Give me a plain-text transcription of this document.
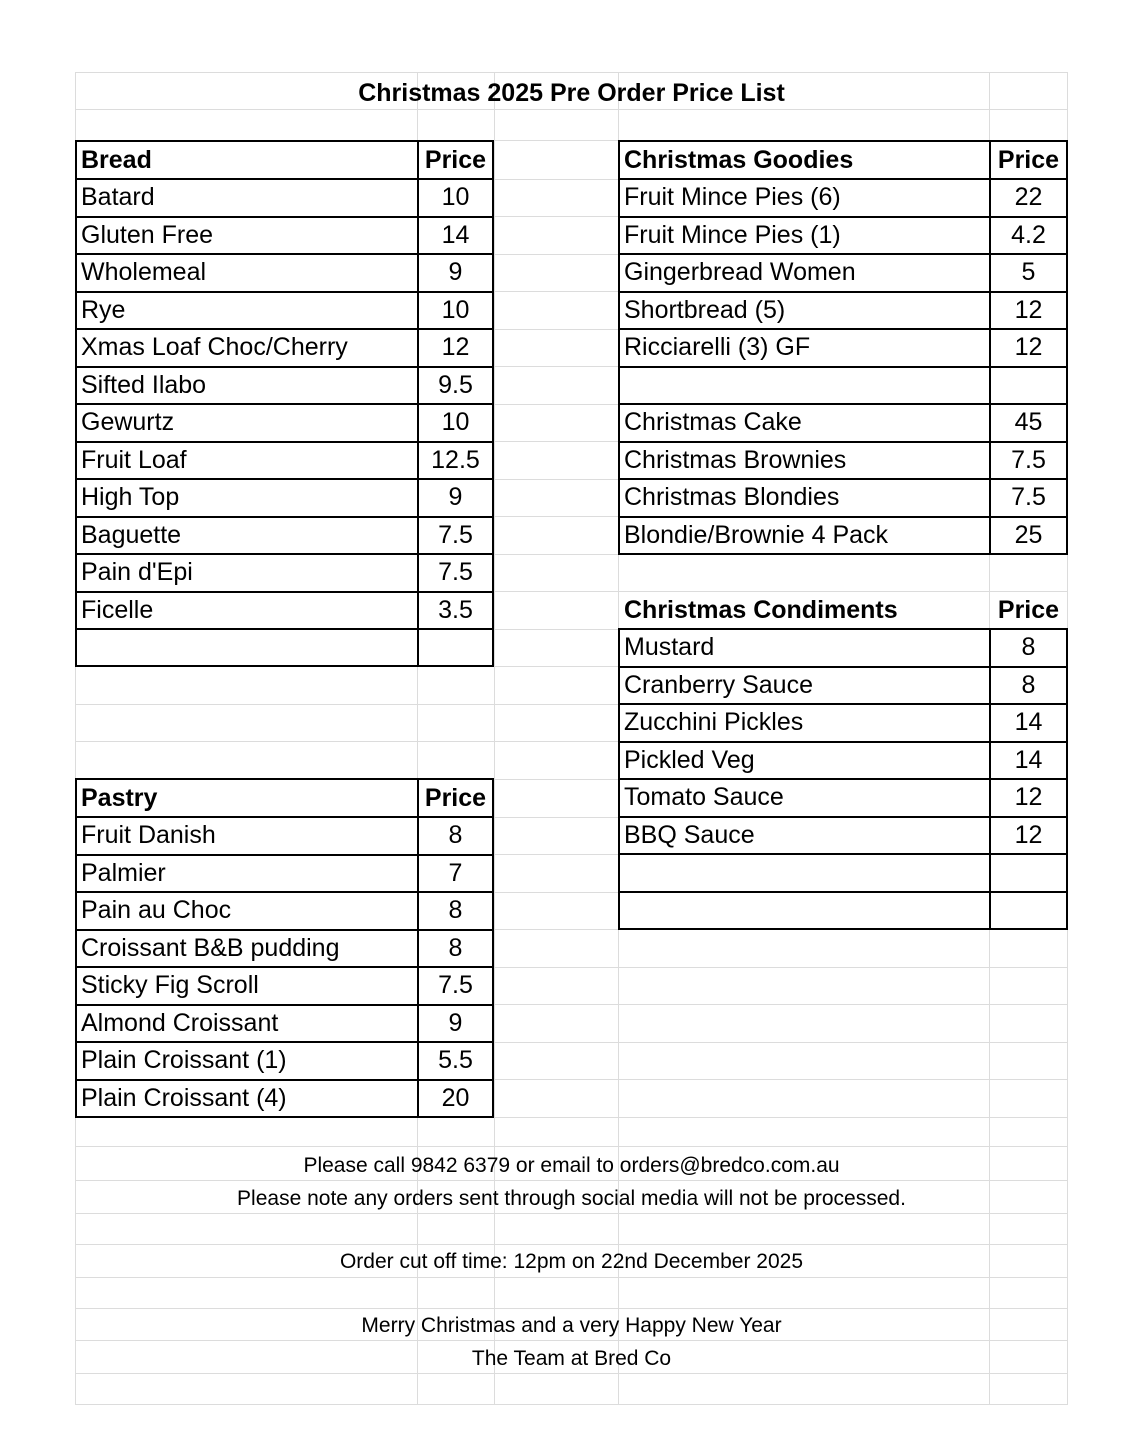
Christmas 2025 Pre Order Price List
Bread	Price
Batard	10
Gluten Free	14
Wholemeal	9
Rye	10
Xmas Loaf Choc/Cherry	12
Sifted Ilabo	9.5
Gewurtz	10
Fruit Loaf	12.5
High Top	9
Baguette	7.5
Pain d'Epi	7.5
Ficelle	3.5
Pastry	Price
Fruit Danish	8
Palmier	7
Pain au Choc	8
Croissant B&B pudding	8
Sticky Fig Scroll	7.5
Almond Croissant	9
Plain Croissant (1)	5.5
Plain Croissant (4)	20
Christmas Goodies	Price
Fruit Mince Pies (6)	22
Fruit Mince Pies (1)	4.2
Gingerbread Women	5
Shortbread (5)	12
Ricciarelli (3) GF	12
Christmas Cake	45
Christmas Brownies	7.5
Christmas Blondies	7.5
Blondie/Brownie 4 Pack	25
Christmas Condiments	Price
Mustard	8
Cranberry Sauce	8
Zucchini Pickles	14
Pickled Veg	14
Tomato Sauce	12
BBQ Sauce	12
Please call 9842 6379 or email to orders@bredco.com.au
Please note any orders sent through social media will not be processed.
Order cut off time: 12pm on 22nd December 2025
Merry Christmas and a very Happy New Year
The Team at Bred Co
